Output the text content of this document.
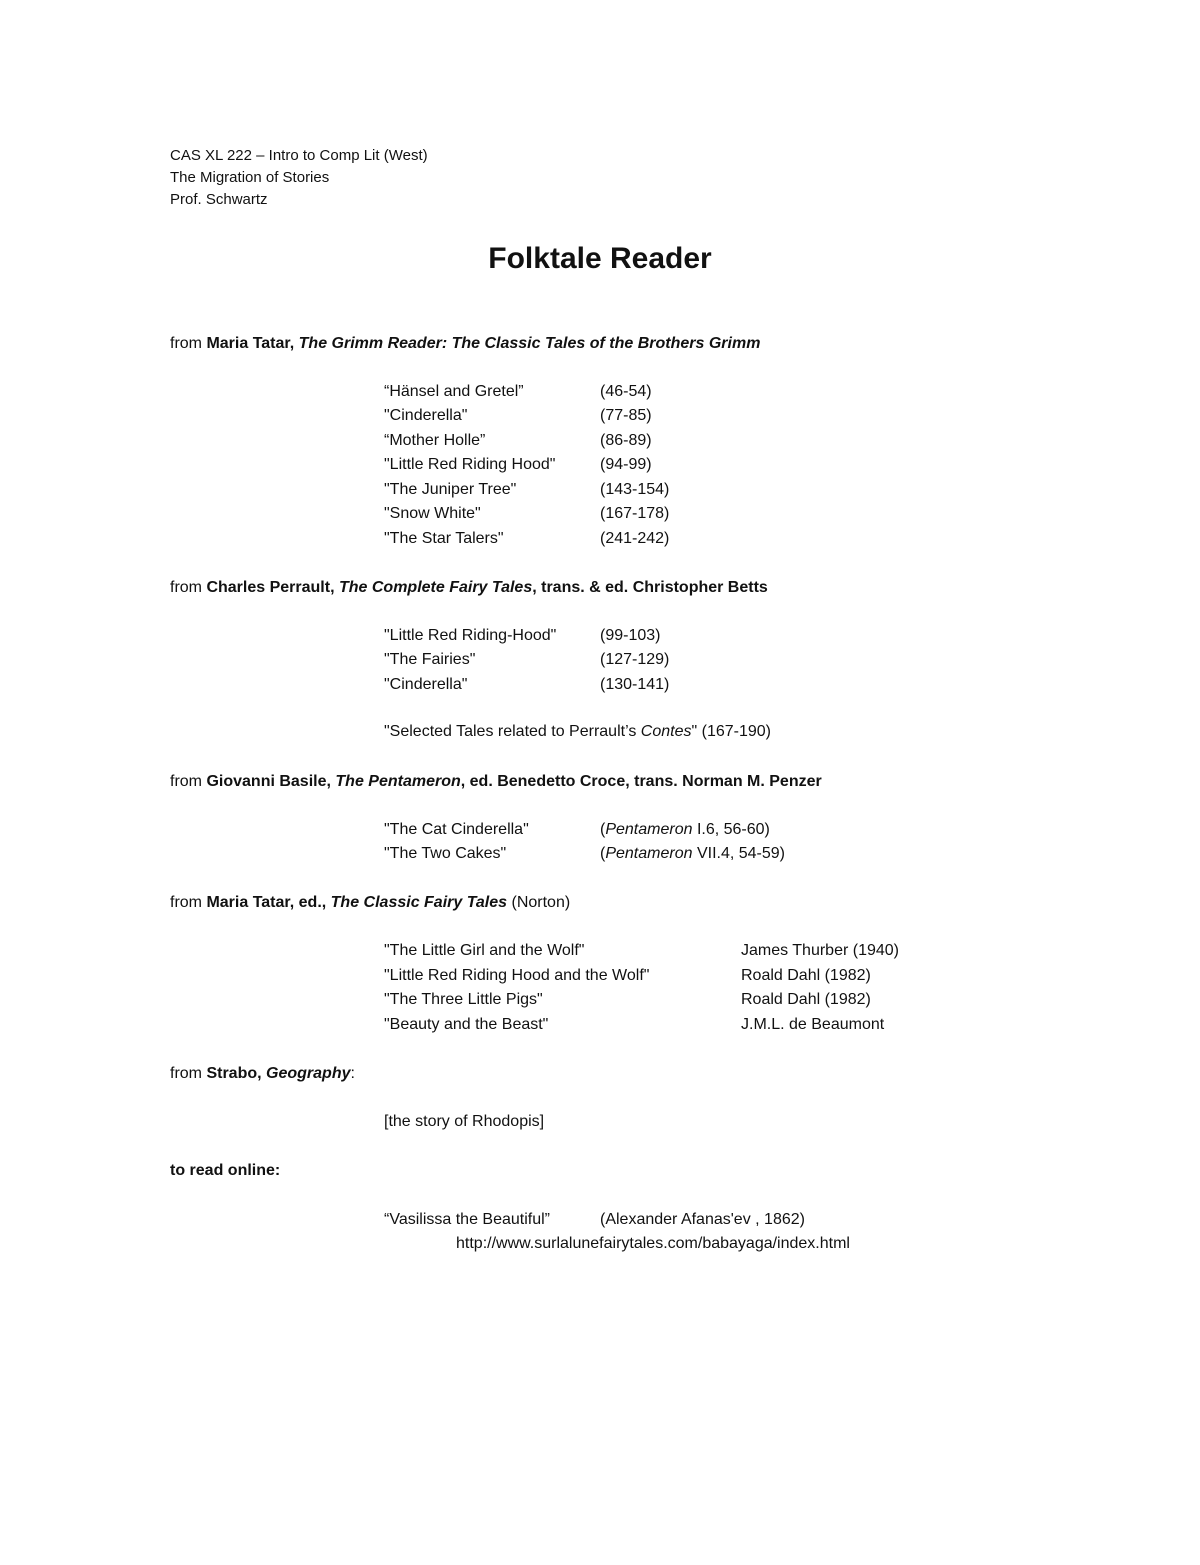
CAS XL 222 – Intro to Comp Lit (West)
The Migration of Stories
Prof. Schwartz
Folktale Reader
from Maria Tatar, The Grimm Reader: The Classic Tales of the Brothers Grimm
“Hänsel and Gretel”	(46-54)
"Cinderella"	(77-85)
“Mother Holle”	(86-89)
"Little Red Riding Hood"	(94-99)
"The Juniper Tree"	(143-154)
"Snow White"	(167-178)
"The Star Talers"	(241-242)
from Charles Perrault, The Complete Fairy Tales, trans. & ed. Christopher Betts
"Little Red Riding-Hood"	(99-103)
"The Fairies"	(127-129)
"Cinderella"	(130-141)
"Selected Tales related to Perrault’s Contes" (167-190)
from Giovanni Basile, The Pentameron, ed. Benedetto Croce, trans. Norman M. Penzer
"The Cat Cinderella"	(Pentameron I.6, 56-60)
"The Two Cakes"	(Pentameron VII.4, 54-59)
from Maria Tatar, ed., The Classic Fairy Tales (Norton)
"The Little Girl and the Wolf"	James Thurber (1940)
"Little Red Riding Hood and the Wolf"	Roald Dahl (1982)
"The Three Little Pigs"	Roald Dahl (1982)
"Beauty and the Beast"	J.M.L. de Beaumont
from Strabo, Geography:
[the story of Rhodopis]
to read online:
“Vasilissa the Beautiful”	(Alexander Afanas'ev , 1862)
http://www.surlalunefairytales.com/babayaga/index.html
